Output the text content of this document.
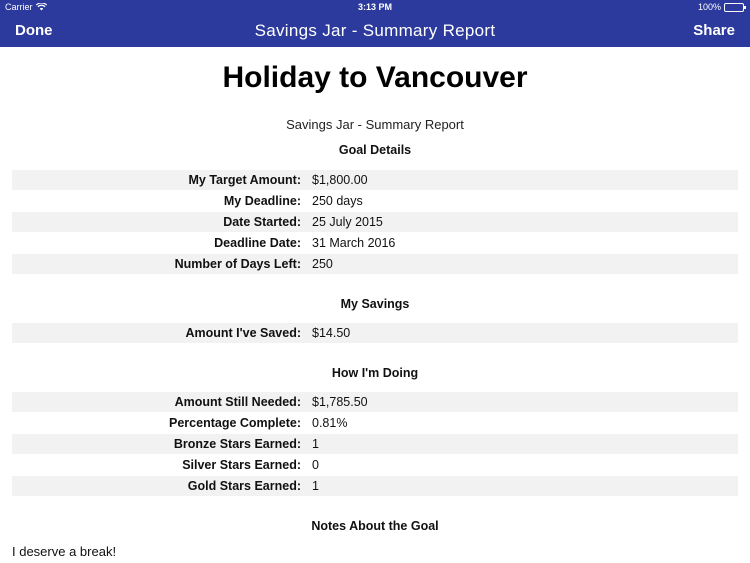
Carrier	3:13 PM	100%
Done	Savings Jar - Summary Report	Share
Holiday to Vancouver
Savings Jar - Summary Report
Goal Details
My Target Amount: $1,800.00
My Deadline: 250 days
Date Started: 25 July 2015
Deadline Date: 31 March 2016
Number of Days Left: 250
My Savings
Amount I've Saved: $14.50
How I'm Doing
Amount Still Needed: $1,785.50
Percentage Complete: 0.81%
Bronze Stars Earned: 1
Silver Stars Earned: 0
Gold Stars Earned: 1
Notes About the Goal
I deserve a break!
